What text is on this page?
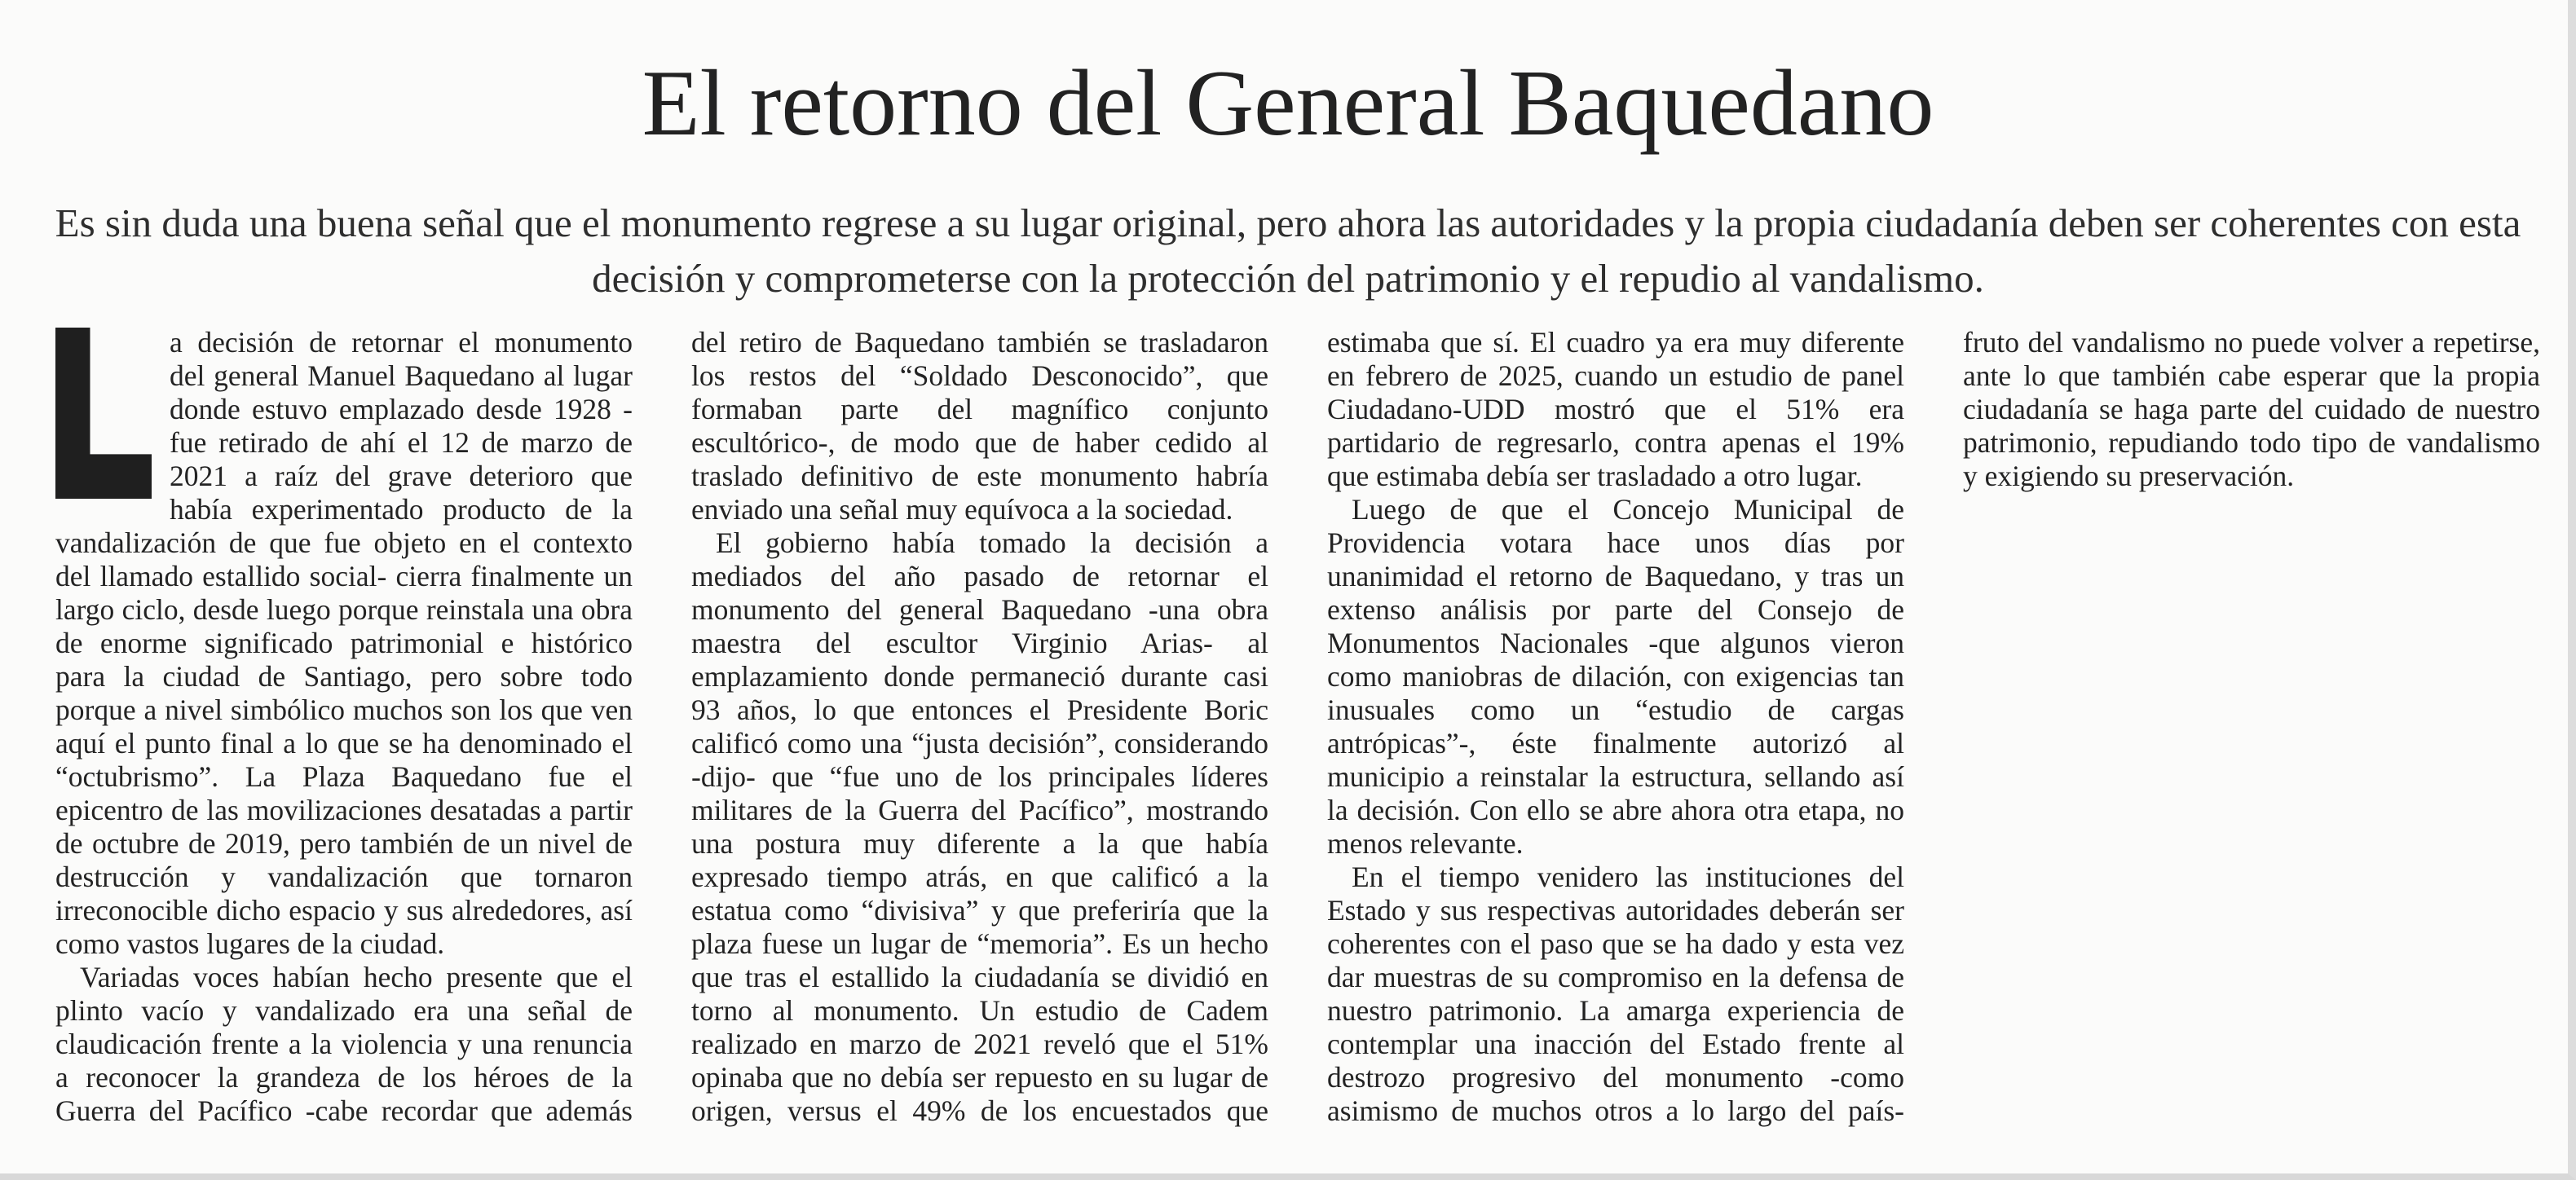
El retorno del General Baquedano

Es sin duda una buena señal que el monumento regrese a su lugar original, pero ahora las autoridades y la propia ciudadanía deben ser coherentes con esta decisión y comprometerse con la protección del patrimonio y el repudio al vandalismo.

a decisión de retornar el monumento del general Manuel Baquedano al lugar donde estuvo emplazado desde 1928 -fue retirado de ahí el 12 de marzo de 2021 a raíz del grave deterioro que había experimentado producto de la vandalización de que fue objeto en el contexto del llamado estallido social- cierra finalmente un largo ciclo, desde luego porque reinstala una obra de enorme significado patrimonial e histórico para la ciudad de Santiago, pero sobre todo porque a nivel simbólico muchos son los que ven aquí el punto final a lo que se ha denominado el “octubrismo”. La Plaza Baquedano fue el epicentro de las movilizaciones desatadas a partir de octubre de 2019, pero también de un nivel de destrucción y vandalización que tornaron irreconocible dicho espacio y sus alrededores, así como vastos lugares de la ciudad.

Variadas voces habían hecho presente que el plinto vacío y vandalizado era una señal de claudicación frente a la violencia y una renuncia a reconocer la grandeza de los héroes de la Guerra del Pacífico -cabe recordar que además del retiro de Baquedano también se trasladaron los restos del “Soldado Desconocido”, que formaban parte del magnífico conjunto escultórico-, de modo que de haber cedido al traslado definitivo de este monumento habría enviado una señal muy equívoca a la sociedad.

El gobierno había tomado la decisión a mediados del año pasado de retornar el monumento del general Baquedano -una obra maestra del escultor Virginio Arias- al emplazamiento donde permaneció durante casi 93 años, lo que entonces el Presidente Boric calificó como una “justa decisión”, considerando -dijo- que “fue uno de los principales líderes militares de la Guerra del Pacífico”, mostrando una postura muy diferente a la que había expresado tiempo atrás, en que calificó a la estatua como “divisiva” y que preferiría que la plaza fuese un lugar de “memoria”. Es un hecho que tras el estallido la ciudadanía se dividió en torno al monumento. Un estudio de Cadem realizado en marzo de 2021 reveló que el 51% opinaba que no debía ser repuesto en su lugar de origen, versus el 49% de los encuestados que estimaba que sí. El cuadro ya era muy diferente en febrero de 2025, cuando un estudio de panel Ciudadano-UDD mostró que el 51% era partidario de regresarlo, contra apenas el 19% que estimaba debía ser trasladado a otro lugar.

Luego de que el Concejo Municipal de Providencia votara hace unos días por unanimidad el retorno de Baquedano, y tras un extenso análisis por parte del Consejo de Monumentos Nacionales -que algunos vieron como maniobras de dilación, con exigencias tan inusuales como un “estudio de cargas antrópicas”-, éste finalmente autorizó al municipio a reinstalar la estructura, sellando así la decisión. Con ello se abre ahora otra etapa, no menos relevante.

En el tiempo venidero las instituciones del Estado y sus respectivas autoridades deberán ser coherentes con el paso que se ha dado y esta vez dar muestras de su compromiso en la defensa de nuestro patrimonio. La amarga experiencia de contemplar una inacción del Estado frente al destrozo progresivo del monumento -como asimismo de muchos otros a lo largo del país- fruto del vandalismo no puede volver a repetirse, ante lo que también cabe esperar que la propia ciudadanía se haga parte del cuidado de nuestro patrimonio, repudiando todo tipo de vandalismo y exigiendo su preservación.
